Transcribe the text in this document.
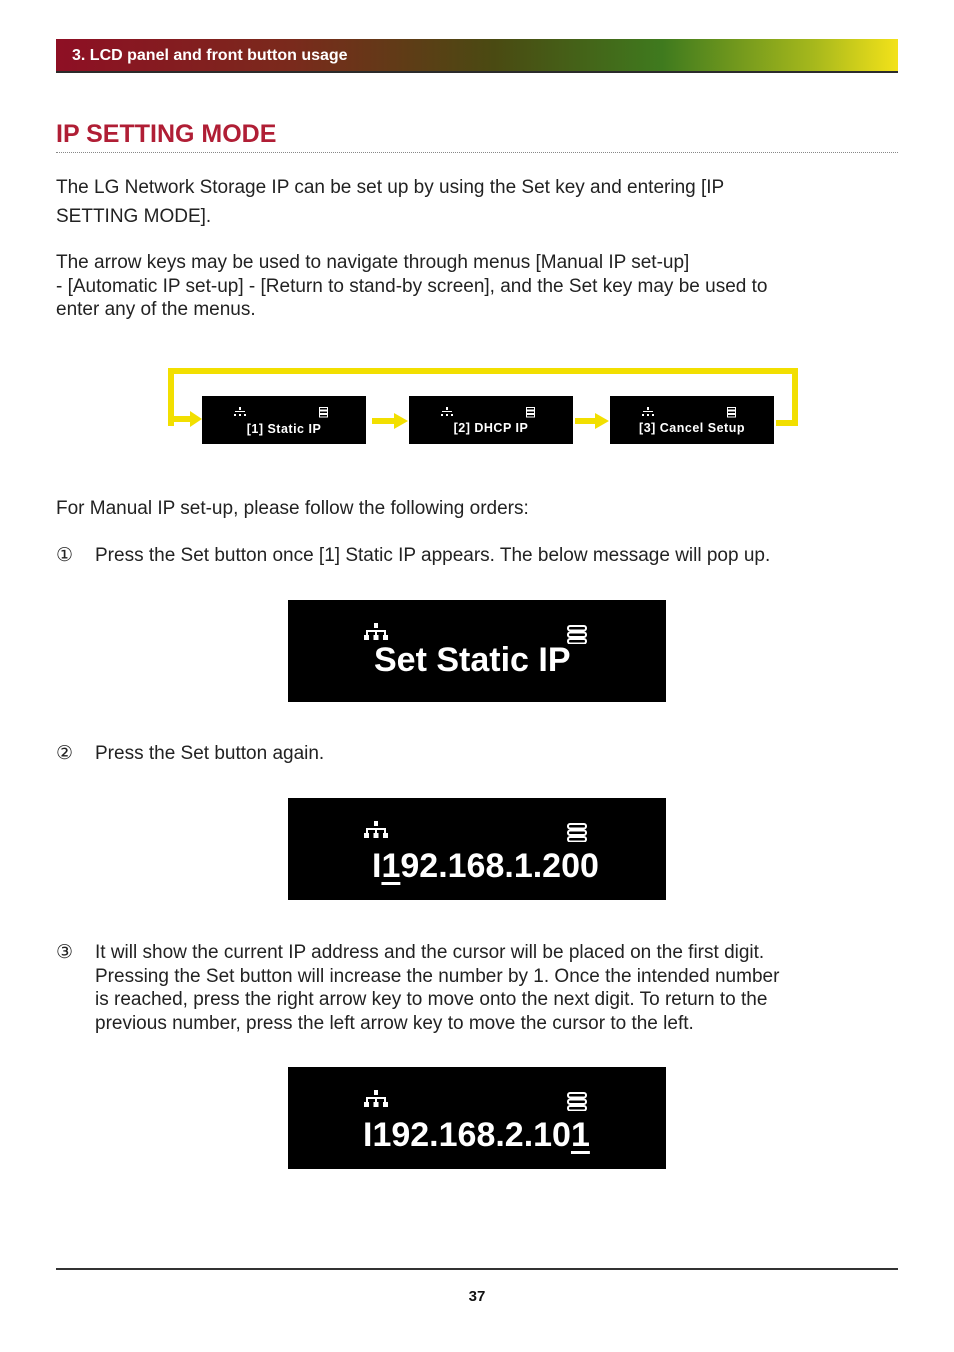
3. LCD panel and front button usage
IP SETTING MODE
The LG Network Storage IP can be set up by using the Set key and entering [IP
SETTING MODE].
The arrow keys may be used to navigate through menus [Manual IP set-up]
- [Automatic IP set-up] - [Return to stand-by screen], and the Set key may be used to
enter any of the menus.
[1] Static IP	[2] DHCP IP	[3] Cancel Setup
For Manual IP set-up, please follow the following orders:
① Press the Set button once [1] Static IP appears. The below message will pop up.
Set Static IP
② Press the Set button again.
I192.168.1.200
③ It will show the current IP address and the cursor will be placed on the first digit.
Pressing the Set button will increase the number by 1. Once the intended number
is reached, press the right arrow key to move onto the next digit. To return to the
previous number, press the left arrow key to move the cursor to the left.
I192.168.2.101
37
